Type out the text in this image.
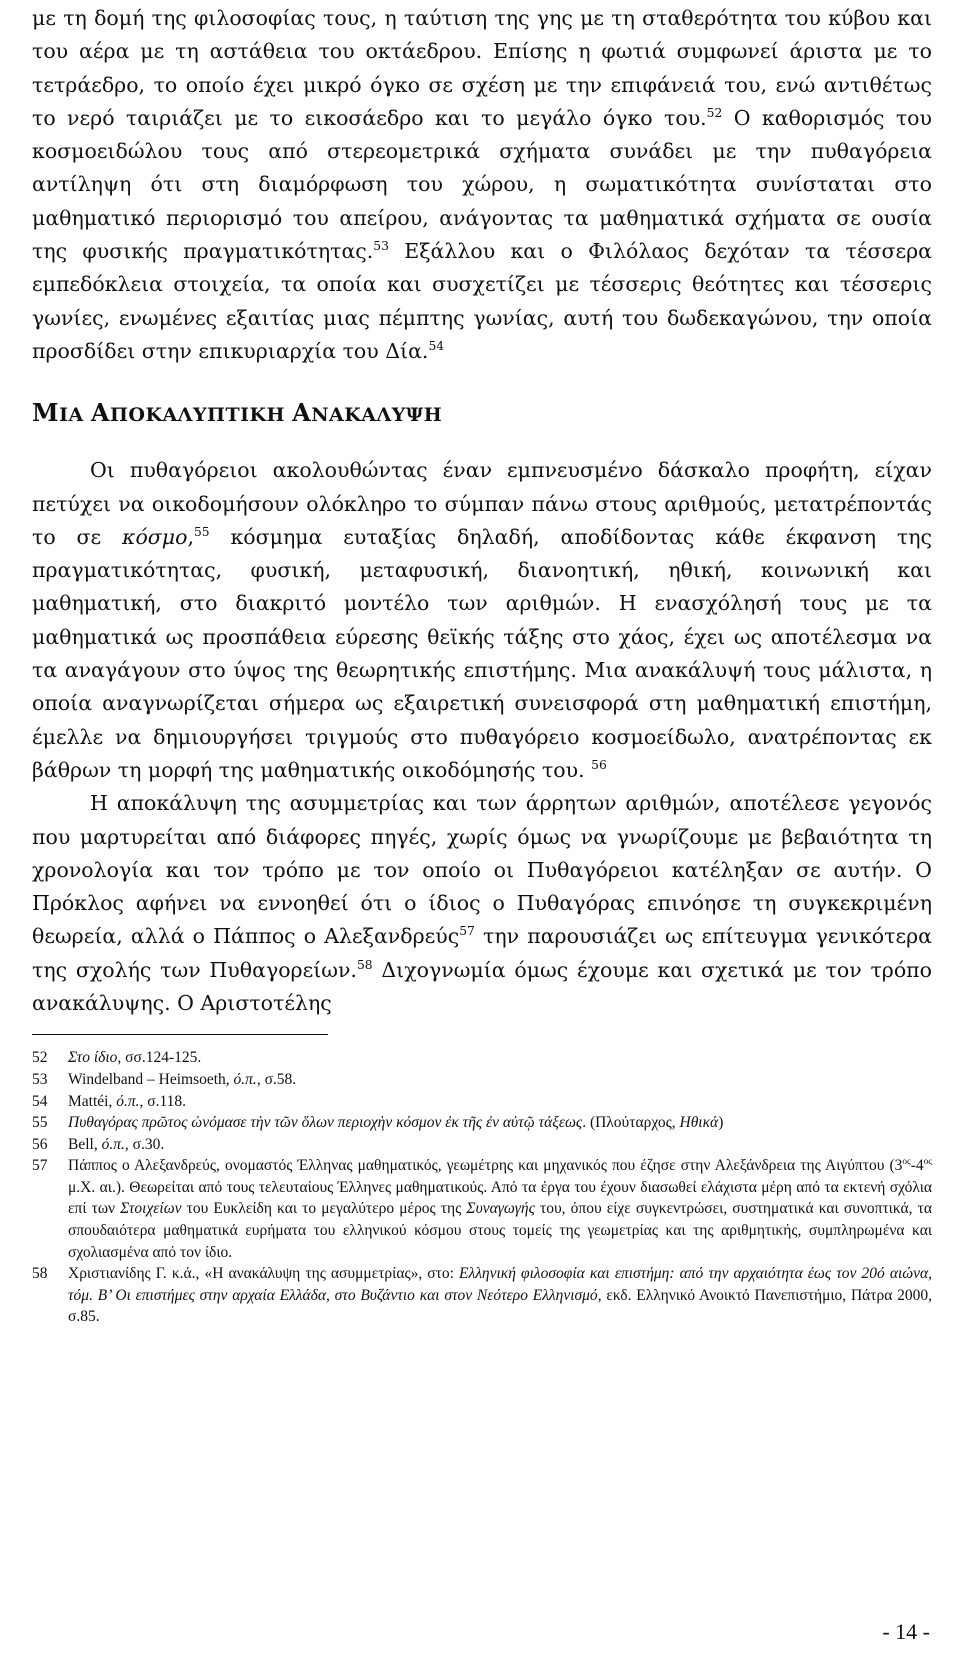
με τη δομή της φιλοσοφίας τους, η ταύτιση της γης με τη σταθερότητα του κύβου και του αέρα με τη αστάθεια του οκτάεδρου. Επίσης η φωτιά συμφωνεί άριστα με το τετράεδρο, το οποίο έχει μικρό όγκο σε σχέση με την επιφάνειά του, ενώ αντιθέτως το νερό ταιριάζει με το εικοσάεδρο και το μεγάλο όγκο του.$^{52}$ Ο καθορισμός του κοσμοειδώλου τους από στερεομετρικά σχήματα συνάδει με την πυθαγόρεια αντίληψη ότι στη διαμόρφωση του χώρου, η σωματικότητα συνίσταται στο μαθηματικό περιορισμό του απείρου, ανάγοντας τα μαθηματικά σχήματα σε ουσία της φυσικής πραγματικότητας.$^{53}$ Εξάλλου και ο Φιλόλαος δεχόταν τα τέσσερα εμπεδόκλεια στοιχεία, τα οποία και συσχετίζει με τέσσερις θεότητες και τέσσερις γωνίες, ενωμένες εξαιτίας μιας πέμπτης γωνίας, αυτή του δωδεκαγώνου, την οποία προσδίδει στην επικυριαρχία του Δία.$^{54}$

ΜΙΑ ΑΠΟΚΑΛΥΠΤΙΚΗ ΑΝΑΚΑΛΥΨΗ

Οι πυθαγόρειοι ακολουθώντας έναν εμπνευσμένο δάσκαλο προφήτη, είχαν πετύχει να οικοδομήσουν ολόκληρο το σύμπαν πάνω στους αριθμούς, μετατρέποντάς το σε κόσμο,$^{55}$ κόσμημα ευταξίας δηλαδή, αποδίδοντας κάθε έκφανση της πραγματικότητας, φυσική, μεταφυσική, διανοητική, ηθική, κοινωνική και μαθηματική, στο διακριτό μοντέλο των αριθμών. Η ενασχόλησή τους με τα μαθηματικά ως προσπάθεια εύρεσης θεϊκής τάξης στο χάος, έχει ως αποτέλεσμα να τα αναγάγουν στο ύψος της θεωρητικής επιστήμης. Μια ανακάλυψή τους μάλιστα, η οποία αναγνωρίζεται σήμερα ως εξαιρετική συνεισφορά στη μαθηματική επιστήμη, έμελλε να δημιουργήσει τριγμούς στο πυθαγόρειο κοσμοείδωλο, ανατρέποντας εκ βάθρων τη μορφή της μαθηματικής οικοδόμησής του. $^{56}$

Η αποκάλυψη της ασυμμετρίας και των άρρητων αριθμών, αποτέλεσε γεγονός που μαρτυρείται από διάφορες πηγές, χωρίς όμως να γνωρίζουμε με βεβαιότητα τη χρονολογία και τον τρόπο με τον οποίο οι Πυθαγόρειοι κατέληξαν σε αυτήν. Ο Πρόκλος αφήνει να εννοηθεί ότι ο ίδιος ο Πυθαγόρας επινόησε τη συγκεκριμένη θεωρεία, αλλά ο Πάππος ο Αλεξανδρεύς$^{57}$ την παρουσιάζει ως επίτευγμα γενικότερα της σχολής των Πυθαγορείων.$^{58}$ Διχογνωμία όμως έχουμε και σχετικά με τον τρόπο ανακάλυψης. Ο Αριστοτέλης

52	Στο ίδιο, σσ.124-125.
53	Windelband – Heimsoeth, ό.π., σ.58.
54	Mattéi, ό.π., σ.118.
55	Πυθαγόρας πρῶτος ὠνόμασε τὴν τῶν ὅλων περιοχὴν κόσμον ἐκ τῆς ἐν αὐτῷ τάξεως. (Πλούταρχος, Ηθικά)
56	Bell, ό.π., σ.30.
57	Πάππος ο Αλεξανδρεύς, ονομαστός Έλληνας μαθηματικός, γεωμέτρης και μηχανικός που έζησε στην Αλεξάνδρεια της Αιγύπτου ($3^{o\varsigma}-4^{o\varsigma}$ μ.Χ. αι.). Θεωρείται από τους τελευταίους Έλληνες μαθηματικούς. Από τα έργα του έχουν διασωθεί ελάχιστα μέρη από τα εκτενή σχόλια επί των Στοιχείων του Ευκλείδη και το μεγαλύτερο μέρος της Συναγωγής του, όπου είχε συγκεντρώσει, συστηματικά και συνοπτικά, τα σπουδαιότερα μαθηματικά ευρήματα του ελληνικού κόσμου στους τομείς της γεωμετρίας και της αριθμητικής, συμπληρωμένα και σχολιασμένα από τον ίδιο.
58	Χριστιανίδης Γ. κ.ά., «Η ανακάλυψη της ασυμμετρίας», στο: Ελληνική φιλοσοφία και επιστήμη: από την αρχαιότητα έως τον 20ό αιώνα, τόμ. Β’ Οι επιστήμες στην αρχαία Ελλάδα, στο Βυζάντιο και στον Νεότερο Ελληνισμό, εκδ. Ελληνικό Ανοικτό Πανεπιστήμιο, Πάτρα 2000, σ.85.
- 14 -
